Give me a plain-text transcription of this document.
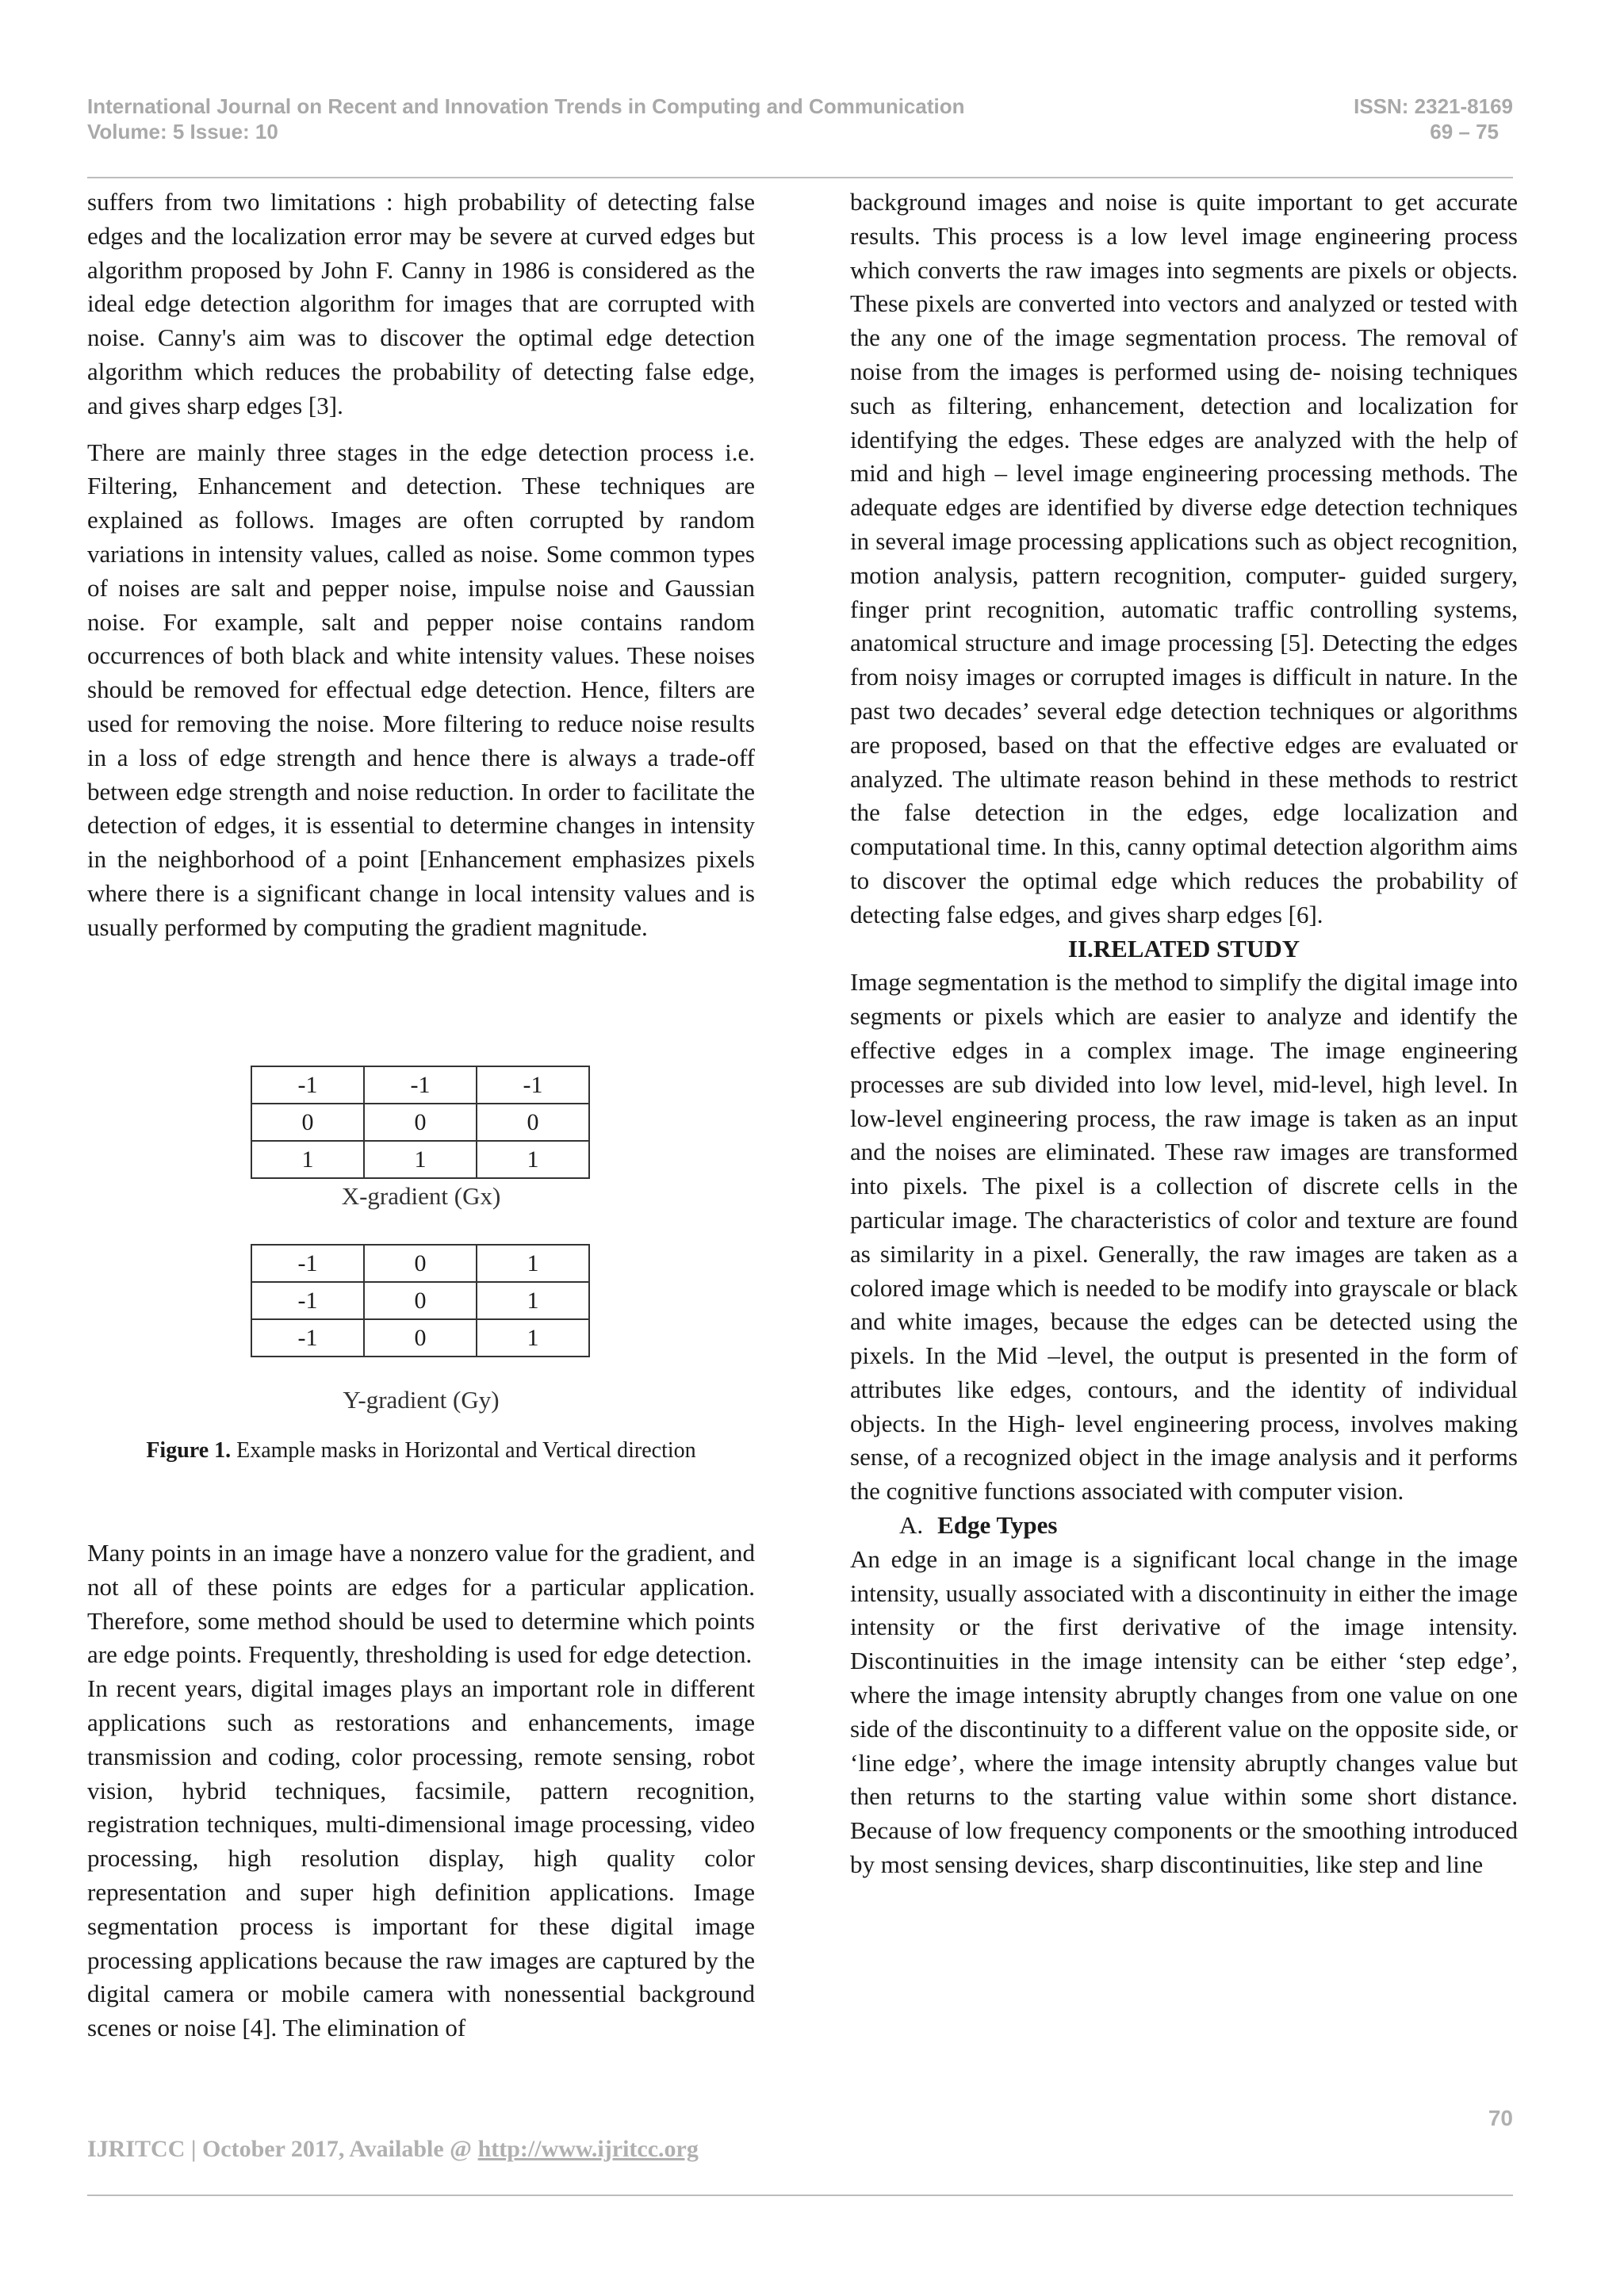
International Journal on Recent and Innovation Trends in Computing and Communication	ISSN: 2321-8169
Volume: 5 Issue: 10	69 – 75

suffers from two limitations : high probability of detecting false edges and the localization error may be severe at curved edges but algorithm proposed by John F. Canny in 1986 is considered as the ideal edge detection algorithm for images that are corrupted with noise. Canny's aim was to discover the optimal edge detection algorithm which reduces the probability of detecting false edge, and gives sharp edges [3].

There are mainly three stages in the edge detection process i.e. Filtering, Enhancement and detection. These techniques are explained as follows. Images are often corrupted by random variations in intensity values, called as noise. Some common types of noises are salt and pepper noise, impulse noise and Gaussian noise. For example, salt and pepper noise contains random occurrences of both black and white intensity values. These noises should be removed for effectual edge detection. Hence, filters are used for removing the noise. More filtering to reduce noise results in a loss of edge strength and hence there is always a trade-off between edge strength and noise reduction. In order to facilitate the detection of edges, it is essential to determine changes in intensity in the neighborhood of a point [Enhancement emphasizes pixels where there is a significant change in local intensity values and is usually performed by computing the gradient magnitude.

-1	-1	-1
0	0	0
1	1	1
X-gradient (Gx)
-1	0	1
-1	0	1
-1	0	1
Y-gradient (Gy)
Figure 1. Example masks in Horizontal and Vertical direction

Many points in an image have a nonzero value for the gradient, and not all of these points are edges for a particular application. Therefore, some method should be used to determine which points are edge points. Frequently, thresholding is used for edge detection.

In recent years, digital images plays an important role in different applications such as restorations and enhancements, image transmission and coding, color processing, remote sensing, robot vision, hybrid techniques, facsimile, pattern recognition, registration techniques, multi-dimensional image processing, video processing, high resolution display, high quality color representation and super high definition applications. Image segmentation process is important for these digital image processing applications because the raw images are captured by the digital camera or mobile camera with nonessential background scenes or noise [4]. The elimination of

background images and noise is quite important to get accurate results. This process is a low level image engineering process which converts the raw images into segments are pixels or objects. These pixels are converted into vectors and analyzed or tested with the any one of the image segmentation process. The removal of noise from the images is performed using de- noising techniques such as filtering, enhancement, detection and localization for identifying the edges. These edges are analyzed with the help of mid and high – level image engineering processing methods. The adequate edges are identified by diverse edge detection techniques in several image processing applications such as object recognition, motion analysis, pattern recognition, computer- guided surgery, finger print recognition, automatic traffic controlling systems, anatomical structure and image processing [5]. Detecting the edges from noisy images or corrupted images is difficult in nature. In the past two decades’ several edge detection techniques or algorithms are proposed, based on that the effective edges are evaluated or analyzed. The ultimate reason behind in these methods to restrict the false detection in the edges, edge localization and computational time. In this, canny optimal detection algorithm aims to discover the optimal edge which reduces the probability of detecting false edges, and gives sharp edges [6].

II.RELATED STUDY

Image segmentation is the method to simplify the digital image into segments or pixels which are easier to analyze and identify the effective edges in a complex image. The image engineering processes are sub divided into low level, mid-level, high level. In low-level engineering process, the raw image is taken as an input and the noises are eliminated. These raw images are transformed into pixels. The pixel is a collection of discrete cells in the particular image. The characteristics of color and texture are found as similarity in a pixel. Generally, the raw images are taken as a colored image which is needed to be modify into grayscale or black and white images, because the edges can be detected using the pixels. In the Mid –level, the output is presented in the form of attributes like edges, contours, and the identity of individual objects. In the High- level engineering process, involves making sense, of a recognized object in the image analysis and it performs the cognitive functions associated with computer vision.

A. Edge Types

An edge in an image is a significant local change in the image intensity, usually associated with a discontinuity in either the image intensity or the first derivative of the image intensity. Discontinuities in the image intensity can be either ‘step edge’, where the image intensity abruptly changes from one value on one side of the discontinuity to a different value on the opposite side, or ‘line edge’, where the image intensity abruptly changes value but then returns to the starting value within some short distance. Because of low frequency components or the smoothing introduced by most sensing devices, sharp discontinuities, like step and line

70
IJRITCC | October 2017, Available @ http://www.ijritcc.org
